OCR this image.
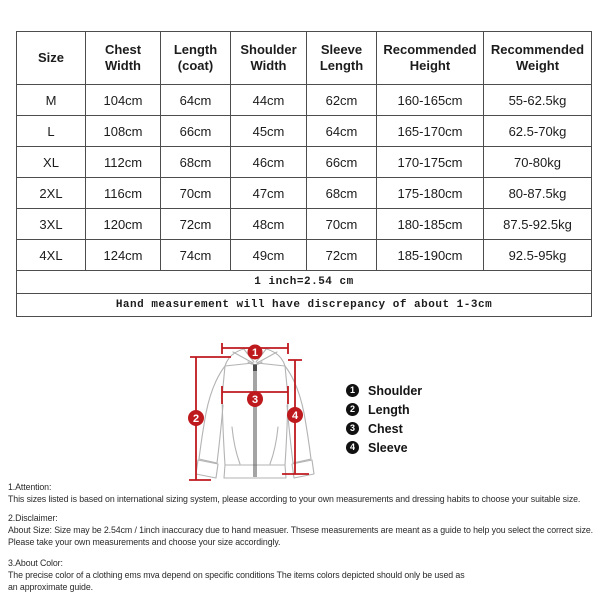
Size	Chest Width	Length (coat)	Shoulder Width	Sleeve Length	Recommended Height	Recommended Weight
M	104cm	64cm	44cm	62cm	160-165cm	55-62.5kg
L	108cm	66cm	45cm	64cm	165-170cm	62.5-70kg
XL	112cm	68cm	46cm	66cm	170-175cm	70-80kg
2XL	116cm	70cm	47cm	68cm	175-180cm	80-87.5kg
3XL	120cm	72cm	48cm	70cm	180-185cm	87.5-92.5kg
4XL	124cm	74cm	49cm	72cm	185-190cm	92.5-95kg
1 inch=2.54 cm						
Hand measurement will have discrepancy of about 1-3cm						
1
2
3
4
1	Shoulder
2	Length
3	Chest
4	Sleeve
1.Attention:
This sizes listed is based on international sizing system, please according to your own measurements and dressing habits to choose your suitable size.
2.Disclaimer:
About Size: Size may be 2.54cm / 1inch inaccuracy due to hand measuer. Thsese measurements are meant as a guide to help you select the correct size.
Please take your own measurements and choose your size accordingly.
3.About Color:
The precise color of a clothing ems mva depend on specific conditions The items colors depicted should only be used as
an approximate guide.
